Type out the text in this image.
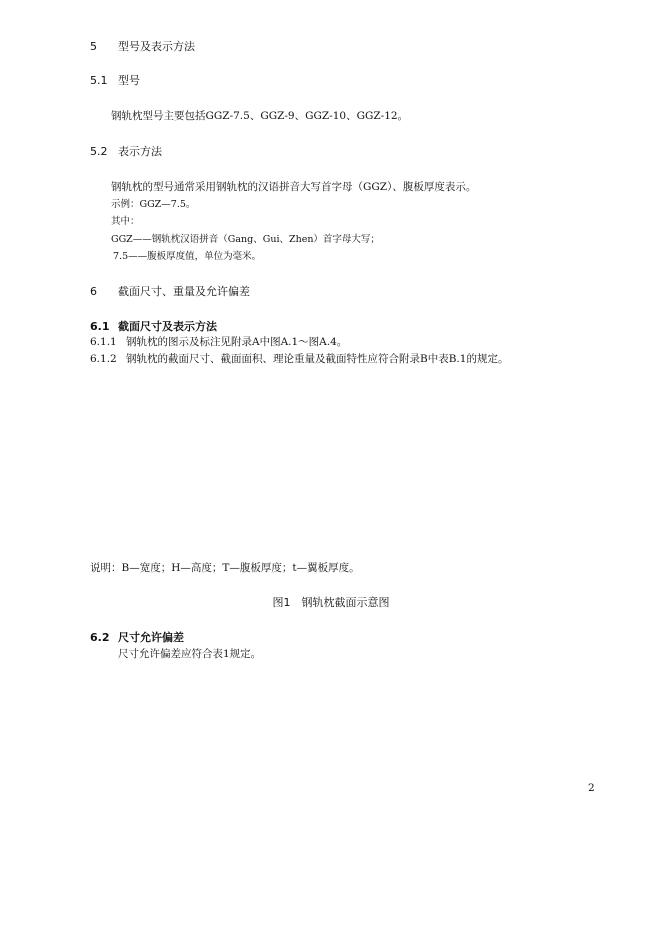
5 型号及表示方法
5.1 型号
钢轨枕型号主要包括GGZ-7.5、GGZ-9、GGZ-10、GGZ-12。
5.2 表示方法
钢轨枕的型号通常采用钢轨枕的汉语拼音大写首字母（GGZ）、腹板厚度表示。
示例：GGZ—7.5。
其中：
GGZ——钢轨枕汉语拼音（Gang、Gui、Zhen）首字母大写；
7.5——腹板厚度值，单位为毫米。
6 截面尺寸、重量及允许偏差
6.1 截面尺寸及表示方法
6.1.1 钢轨枕的图示及标注见附录A中图A.1～图A.4。
6.1.2 钢轨枕的截面尺寸、截面面积、理论重量及截面特性应符合附录B中表B.1的规定。
说明：B—宽度；H—高度；T—腹板厚度；t—翼板厚度。
图1　钢轨枕截面示意图
6.2 尺寸允许偏差
尺寸允许偏差应符合表1规定。
2
